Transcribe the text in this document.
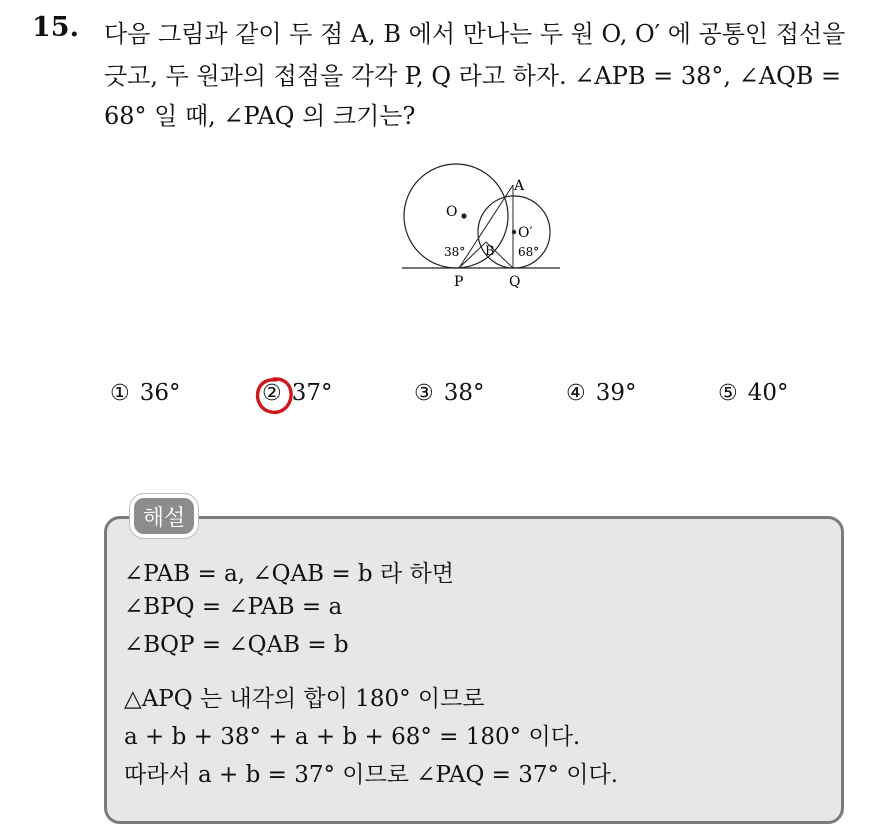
15. 다음 그림과 같이 두 점 A, B 에서 만나는 두 원 O, O′ 에 공통인 접선을
긋고, 두 원과의 접점을 각각 P, Q 라고 하자. ∠APB = 38°, ∠AQB =
68° 일 때, ∠PAQ 의 크기는?
A
O
O′
B
38°	68°
P	Q
① 36°	② 37°	③ 38°	④ 39°	⑤ 40°
해설
∠PAB = a, ∠QAB = b 라 하면
∠BPQ = ∠PAB = a
∠BQP = ∠QAB = b
△APQ 는 내각의 합이 180° 이므로
a + b + 38° + a + b + 68° = 180° 이다.
따라서 a + b = 37° 이므로 ∠PAQ = 37° 이다.
